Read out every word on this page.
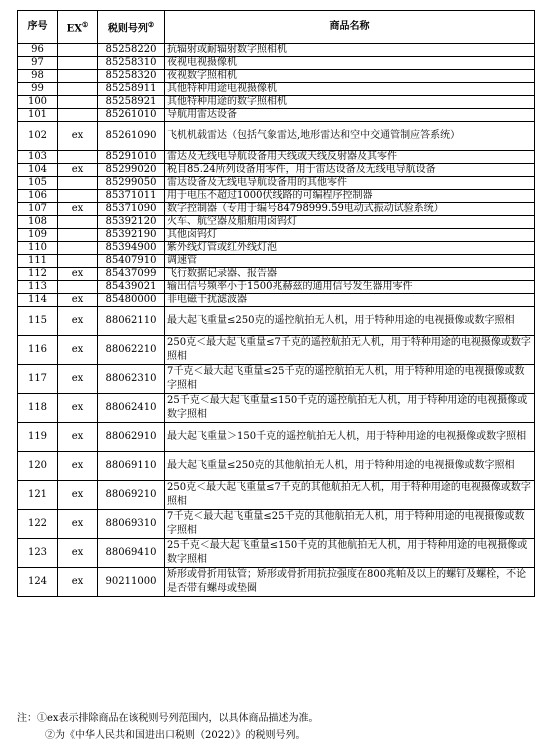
序号	EX①	税则号列②	商品名称
96		85258220	抗辐射或耐辐射数字照相机
97		85258310	夜视电视摄像机
98		85258320	夜视数字照相机
99		85258911	其他特种用途电视摄像机
100		85258921	其他特种用途的数字照相机
101		85261010	导航用雷达设备
102	ex	85261090	飞机机载雷达（包括气象雷达,地形雷达和空中交通管制应答系统）
103		85291010	雷达及无线电导航设备用天线或天线反射器及其零件
104	ex	85299020	税目85.24所列设备用零件，用于雷达设备及无线电导航设备
105		85299050	雷达设备及无线电导航设备用的其他零件
106		85371011	用于电压不超过1000伏线路的可编程序控制器
107	ex	85371090	数字控制器（专用于编号84798999.59电动式振动试验系统）
108		85392120	火车、航空器及船舶用卤钨灯
109		85392190	其他卤钨灯
110		85394900	紫外线灯管或红外线灯泡
111		85407910	调速管
112	ex	85437099	飞行数据记录器、报告器
113		85439021	输出信号频率小于1500兆赫兹的通用信号发生器用零件
114	ex	85480000	非电磁干扰滤波器
115	ex	88062110	最大起飞重量≤250克的遥控航拍无人机，用于特种用途的电视摄像或数字照相
116	ex	88062210	250克＜最大起飞重量≤7千克的遥控航拍无人机，用于特种用途的电视摄像或数字照相
117	ex	88062310	7千克＜最大起飞重量≤25千克的遥控航拍无人机，用于特种用途的电视摄像或数字照相
118	ex	88062410	25千克＜最大起飞重量≤150千克的遥控航拍无人机，用于特种用途的电视摄像或数字照相
119	ex	88062910	最大起飞重量＞150千克的遥控航拍无人机，用于特种用途的电视摄像或数字照相
120	ex	88069110	最大起飞重量≤250克的其他航拍无人机，用于特种用途的电视摄像或数字照相
121	ex	88069210	250克＜最大起飞重量≤7千克的其他航拍无人机，用于特种用途的电视摄像或数字照相
122	ex	88069310	7千克＜最大起飞重量≤25千克的其他航拍无人机，用于特种用途的电视摄像或数字照相
123	ex	88069410	25千克＜最大起飞重量≤150千克的其他航拍无人机，用于特种用途的电视摄像或数字照相
124	ex	90211000	矫形或骨折用钛管；矫形或骨折用抗拉强度在800兆帕及以上的螺钉及螺栓，不论是否带有螺母或垫圈
注：①ex表示排除商品在该税则号列范围内，以具体商品描述为准。
②为《中华人民共和国进出口税则（2022）》的税则号列。
